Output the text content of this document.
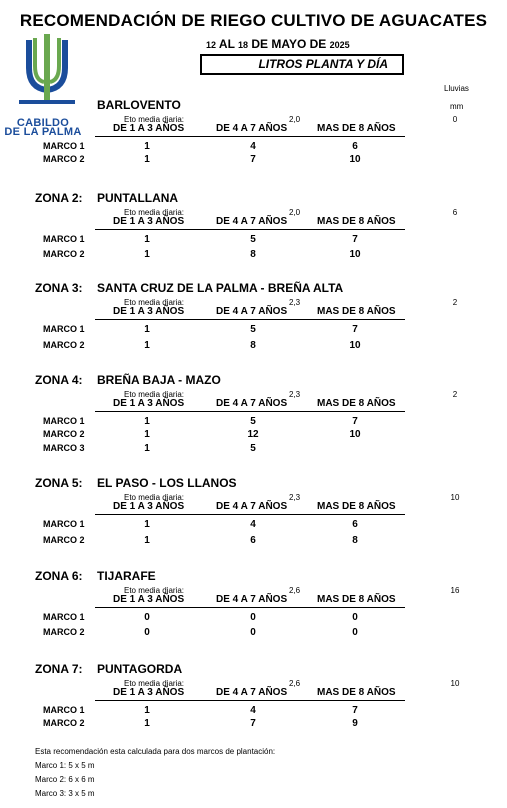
RECOMENDACIÓN DE RIEGO CULTIVO DE AGUACATES
12 AL 18 DE MAYO DE 2025
LITROS PLANTA Y DÍA
Lluvias
mm
CABILDO
DE LA PALMA
BARLOVENTO
Eto media diaria:	2,0	0
DE 1 A 3 AÑOS	DE 4 A 7 AÑOS	MAS DE 8 AÑOS
MARCO 1	1	4	6
MARCO 2	1	7	10
ZONA 2: PUNTALLANA
Eto media diaria:	2,0	6
DE 1 A 3 AÑOS	DE 4 A 7 AÑOS	MAS DE 8 AÑOS
MARCO 1	1	5	7
MARCO 2	1	8	10
ZONA 3: SANTA CRUZ DE LA PALMA - BREÑA ALTA
Eto media diaria:	2,3	2
DE 1 A 3 AÑOS	DE 4 A 7 AÑOS	MAS DE 8 AÑOS
MARCO 1	1	5	7
MARCO 2	1	8	10
ZONA 4: BREÑA BAJA - MAZO
Eto media diaria:	2,3	2
DE 1 A 3 AÑOS	DE 4 A 7 AÑOS	MAS DE 8 AÑOS
MARCO 1	1	5	7
MARCO 2	1	12	10
MARCO 3	1	5
ZONA 5: EL PASO - LOS LLANOS
Eto media diaria:	2,3	10
DE 1 A 3 AÑOS	DE 4 A 7 AÑOS	MAS DE 8 AÑOS
MARCO 1	1	4	6
MARCO 2	1	6	8
ZONA 6: TIJARAFE
Eto media diaria:	2,6	16
DE 1 A 3 AÑOS	DE 4 A 7 AÑOS	MAS DE 8 AÑOS
MARCO 1	0	0	0
MARCO 2	0	0	0
ZONA 7: PUNTAGORDA
Eto media diaria:	2,6	10
DE 1 A 3 AÑOS	DE 4 A 7 AÑOS	MAS DE 8 AÑOS
MARCO 1	1	4	7
MARCO 2	1	7	9
Esta recomendación esta calculada para dos marcos de plantación:
Marco 1: 5 x 5 m
Marco 2: 6 x 6 m
Marco 3: 3 x 5 m
